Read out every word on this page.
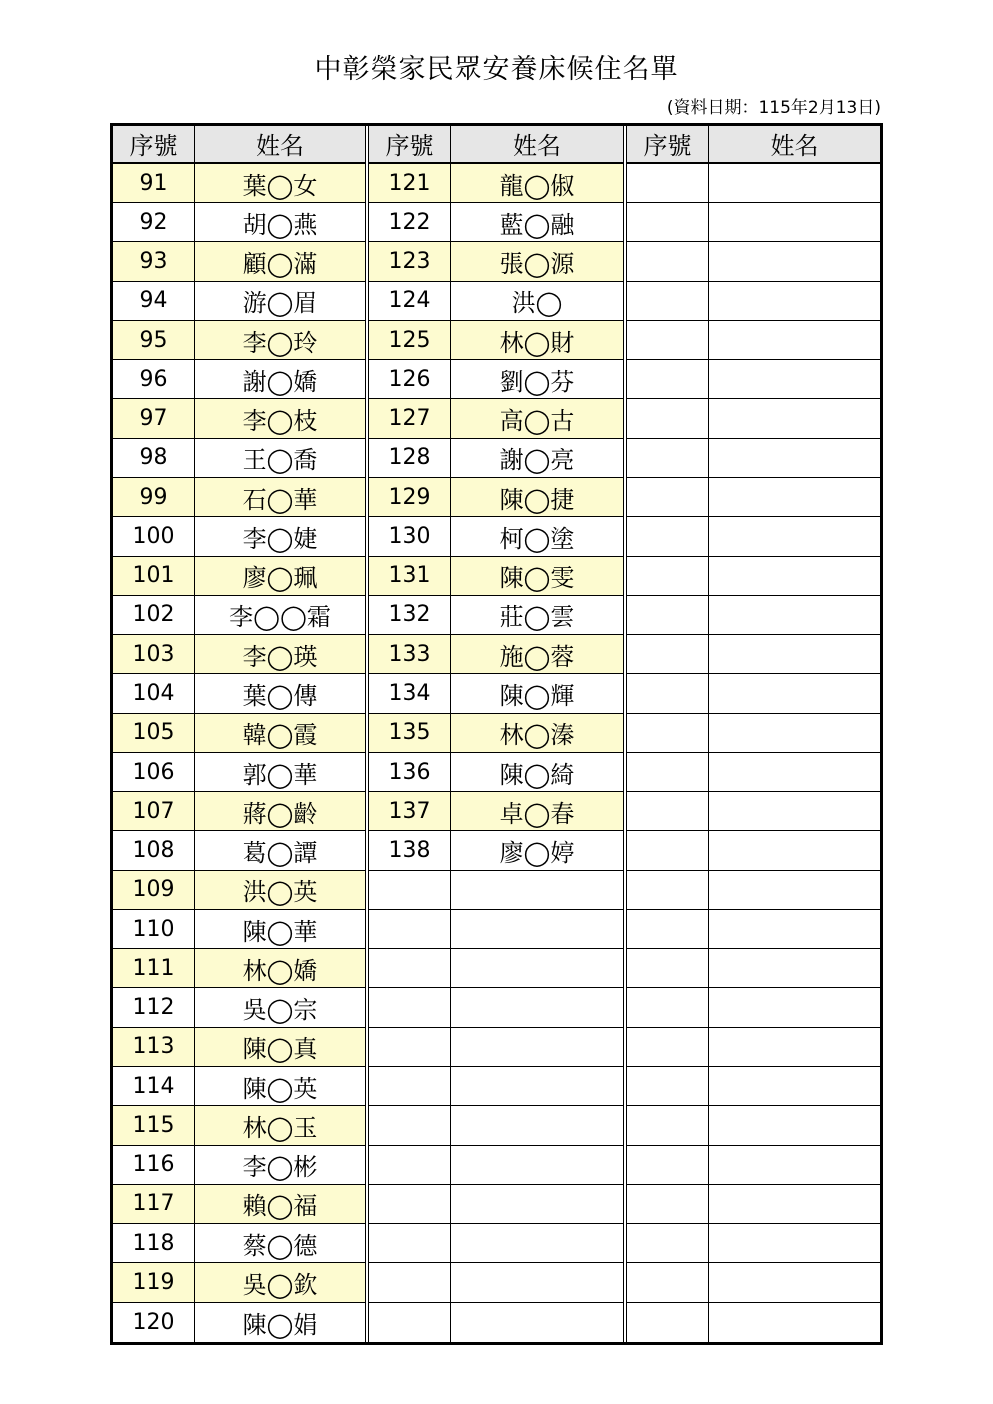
中彰榮家民眾安養床候住名單
(資料日期：115年2月13日)
序號	姓名
91	葉◯女
92	胡◯燕
93	顧◯滿
94	游◯眉
95	李◯玲
96	謝◯嬌
97	李◯枝
98	王◯喬
99	石◯華
100	李◯婕
101	廖◯珮
102	李◯◯霜
103	李◯瑛
104	葉◯傳
105	韓◯霞
106	郭◯華
107	蔣◯齡
108	葛◯譚
109	洪◯英
110	陳◯華
111	林◯嬌
112	吳◯宗
113	陳◯真
114	陳◯英
115	林◯玉
116	李◯彬
117	賴◯福
118	蔡◯德
119	吳◯欽
120	陳◯娟
序號	姓名
121	龍◯俶
122	藍◯融
123	張◯源
124	洪◯
125	林◯財
126	劉◯芬
127	高◯古
128	謝◯亮
129	陳◯捷
130	柯◯塗
131	陳◯雯
132	莊◯雲
133	施◯蓉
134	陳◯輝
135	林◯溱
136	陳◯綺
137	卓◯春
138	廖◯婷
序號	姓名
